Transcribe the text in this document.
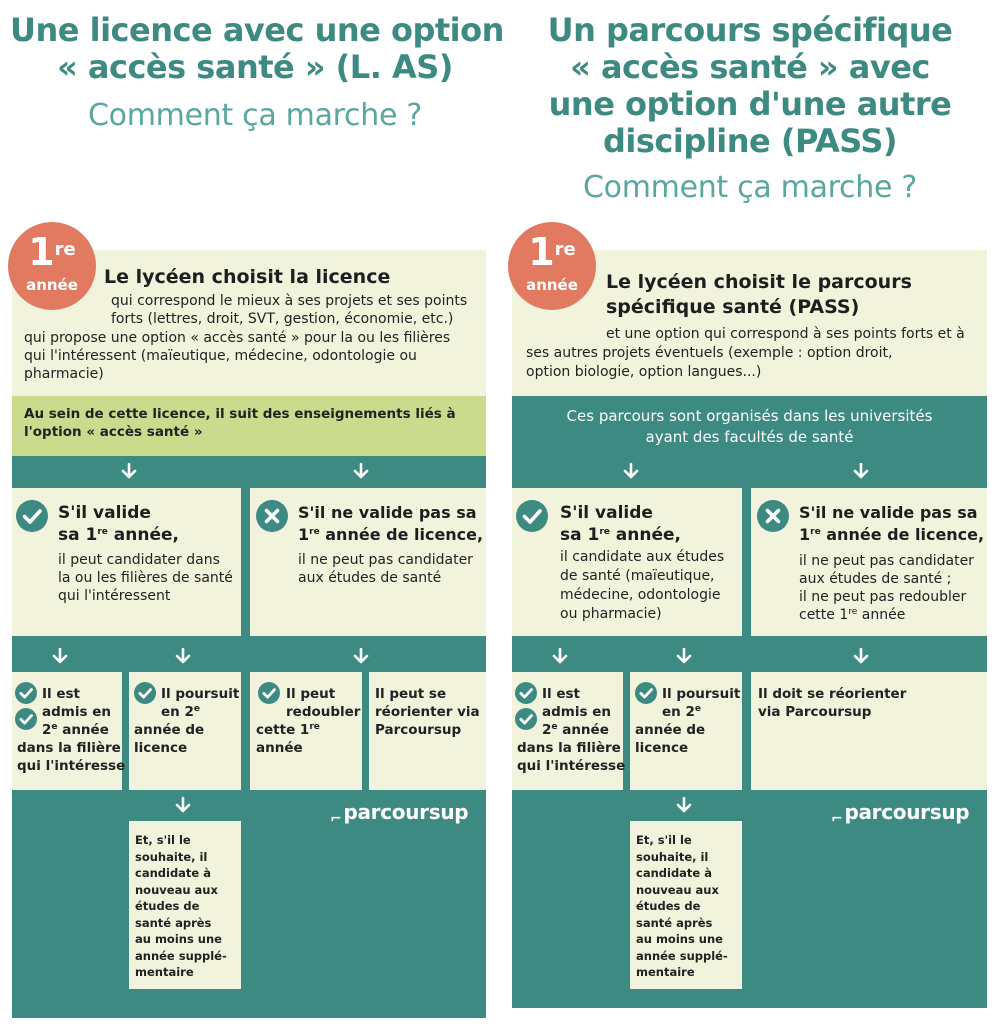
Une licence avec une option
« accès santé » (L. AS)
Comment ça marche ?
Un parcours spécifique
« accès santé » avec
une option d'une autre
discipline (PASS)
Comment ça marche ?
Le lycéen choisit la licence
qui correspond le mieux à ses projets et ses points
forts (lettres, droit, SVT, gestion, économie, etc.)
qui propose une option « accès santé » pour la ou les filières
qui l'intéressent (maïeutique, médecine, odontologie ou
pharmacie)
Au sein de cette licence, il suit des enseignements liés à
l'option « accès santé »
1re
année
S'il valide
sa 1re année,
il peut candidater dans
la ou les filières de santé
qui l'intéressent
S'il ne valide pas sa
1re année de licence,
il ne peut pas candidater
aux études de santé
Il est
admis en
2e année
dans la filière
qui l'intéresse
Il poursuit
en 2e
année de
licence
Il peut
redoubler
cette 1re
année
Il peut se
réorienter via
Parcoursup
Et, s'il le
souhaite, il
candidate à
nouveau aux
études de
santé après
au moins une
année supplé-
mentaire
$_⌐$ parcoursup
Le lycéen choisit le parcours
spécifique santé (PASS)
et une option qui correspond à ses points forts et à
ses autres projets éventuels (exemple : option droit,
option biologie, option langues...)
Ces parcours sont organisés dans les universités
ayant des facultés de santé
1re
année
S'il valide
sa 1re année,
il candidate aux études
de santé (maïeutique,
médecine, odontologie
ou pharmacie)
S'il ne valide pas sa
1re année de licence,
il ne peut pas candidater
aux études de santé ;
il ne peut pas redoubler
cette 1re année
Il est
admis en
2e année
dans la filière
qui l'intéresse
Il poursuit
en 2e
année de
licence
Il doit se réorienter
via Parcoursup
Et, s'il le
souhaite, il
candidate à
nouveau aux
études de
santé après
au moins une
année supplé-
mentaire
$_⌐$ parcoursup
